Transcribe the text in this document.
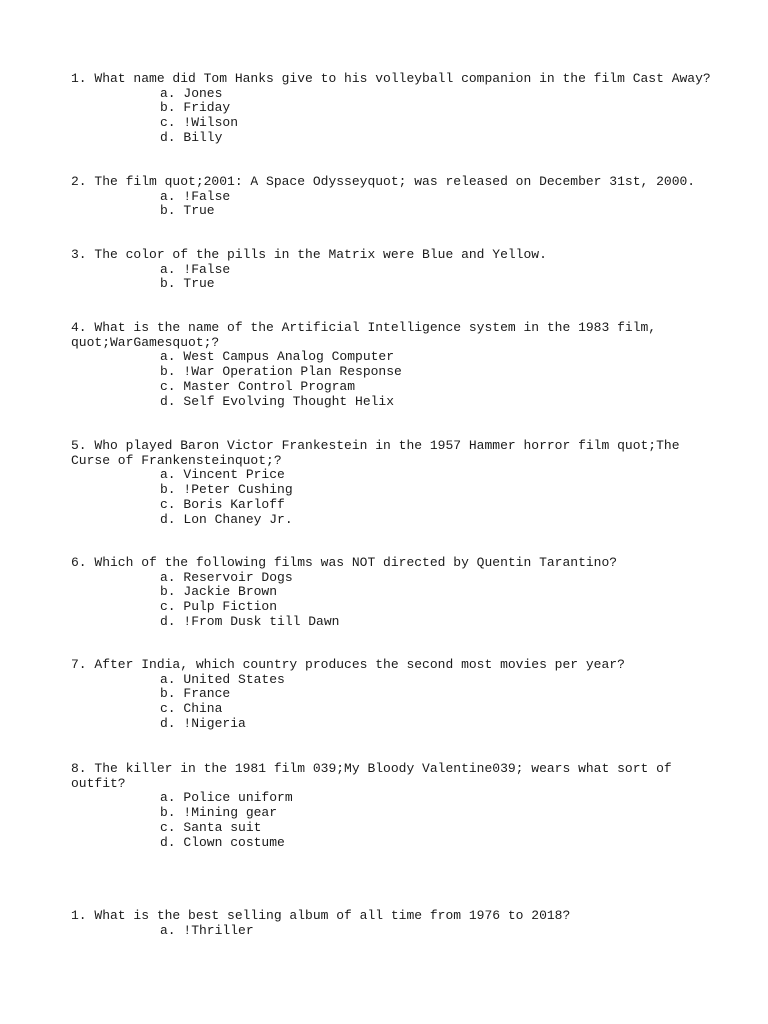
1. What name did Tom Hanks give to his volleyball companion in the film Cast Away?
a. Jones
b. Friday
c. !Wilson
d. Billy
2. The film quot;2001: A Space Odysseyquot; was released on December 31st, 2000.
a. !False
b. True
3. The color of the pills in the Matrix were Blue and Yellow.
a. !False
b. True
4. What is the name of the Artificial Intelligence system in the 1983 film,
quot;WarGamesquot;?
a. West Campus Analog Computer
b. !War Operation Plan Response
c. Master Control Program
d. Self Evolving Thought Helix
5. Who played Baron Victor Frankestein in the 1957 Hammer horror film quot;The
Curse of Frankensteinquot;?
a. Vincent Price
b. !Peter Cushing
c. Boris Karloff
d. Lon Chaney Jr.
6. Which of the following films was NOT directed by Quentin Tarantino?
a. Reservoir Dogs
b. Jackie Brown
c. Pulp Fiction
d. !From Dusk till Dawn
7. After India, which country produces the second most movies per year?
a. United States
b. France
c. China
d. !Nigeria
8. The killer in the 1981 film 039;My Bloody Valentine039; wears what sort of
outfit?
a. Police uniform
b. !Mining gear
c. Santa suit
d. Clown costume
1. What is the best selling album of all time from 1976 to 2018?
a. !Thriller
